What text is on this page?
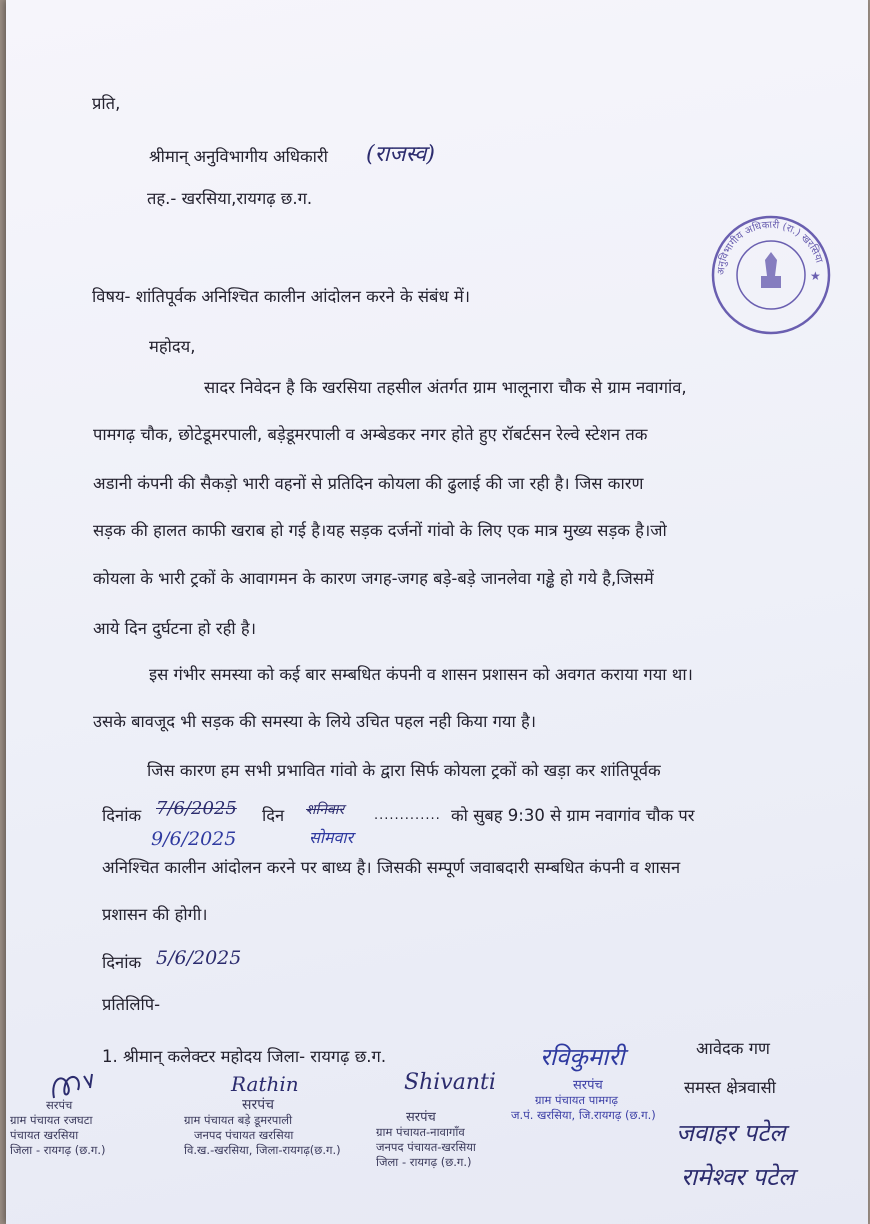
प्रति,
श्रीमान् अनुविभागीय अधिकारी (राजस्व)
तह.- खरसिया,रायगढ़ छ.ग.
अनुविभागीय अधिकारी (रा.) खरसिया
★
विषय- शांतिपूर्वक अनिश्चित कालीन आंदोलन करने के संबंध में।
महोदय,
सादर निवेदन है कि खरसिया तहसील अंतर्गत ग्राम भालूनारा चौक से ग्राम नवागांव,
पामगढ़ चौक, छोटेडूमरपाली, बड़ेडूमरपाली व अम्बेडकर नगर होते हुए रॉबर्टसन रेल्वे स्टेशन तक
अडानी कंपनी की सैकड़ो भारी वहनों से प्रतिदिन कोयला की ढुलाई की जा रही है। जिस कारण
सड़क की हालत काफी खराब हो गई है।यह सड़क दर्जनों गांवो के लिए एक मात्र मुख्य सड़क है।जो
कोयला के भारी ट्रकों के आवागमन के कारण जगह-जगह बड़े-बड़े जानलेवा गड्ढे हो गये है,जिसमें
आये दिन दुर्घटना हो रही है।
इस गंभीर समस्या को कई बार सम्बधित कंपनी व शासन प्रशासन को अवगत कराया गया था।
उसके बावजूद भी सड़क की समस्या के लिये उचित पहल नही किया गया है।
जिस कारण हम सभी प्रभावित गांवो के द्वारा सिर्फ कोयला ट्रकों को खड़ा कर शांतिपूर्वक
दिनांक 7/6/2025 दिन शनिवार ............. को सुबह 9:30 से ग्राम नवागांव चौक पर
9/6/2025	सोमवार
अनिश्चित कालीन आंदोलन करने पर बाध्य है। जिसकी सम्पूर्ण जवाबदारी सम्बधित कंपनी व शासन
प्रशासन की होगी।
दिनांक 5/6/2025
प्रतिलिपि-
1. श्रीमान् कलेक्टर महोदय जिला- रायगढ़ छ.ग.	आवेदक गण
समस्त क्षेत्रवासी
सरपंच
ग्राम पंचायत रजघटा
पंचायत खरसिया
जिला - रायगढ़ (छ.ग.)
Rathin
सरपंच
ग्राम पंचायत बड़े डूमरपाली
जनपद पंचायत खरसिया
वि.ख.-खरसिया, जिला-रायगढ़(छ.ग.)
Shivanti
सरपंच
ग्राम पंचायत-नावागाँव
जनपद पंचायत-खरसिया
जिला - रायगढ़ (छ.ग.)
रविकुमारी
सरपंच
ग्राम पंचायत पामगढ़
ज.पं. खरसिया, जि.रायगढ़ (छ.ग.)
जवाहर पटेल
रामेश्वर पटेल
